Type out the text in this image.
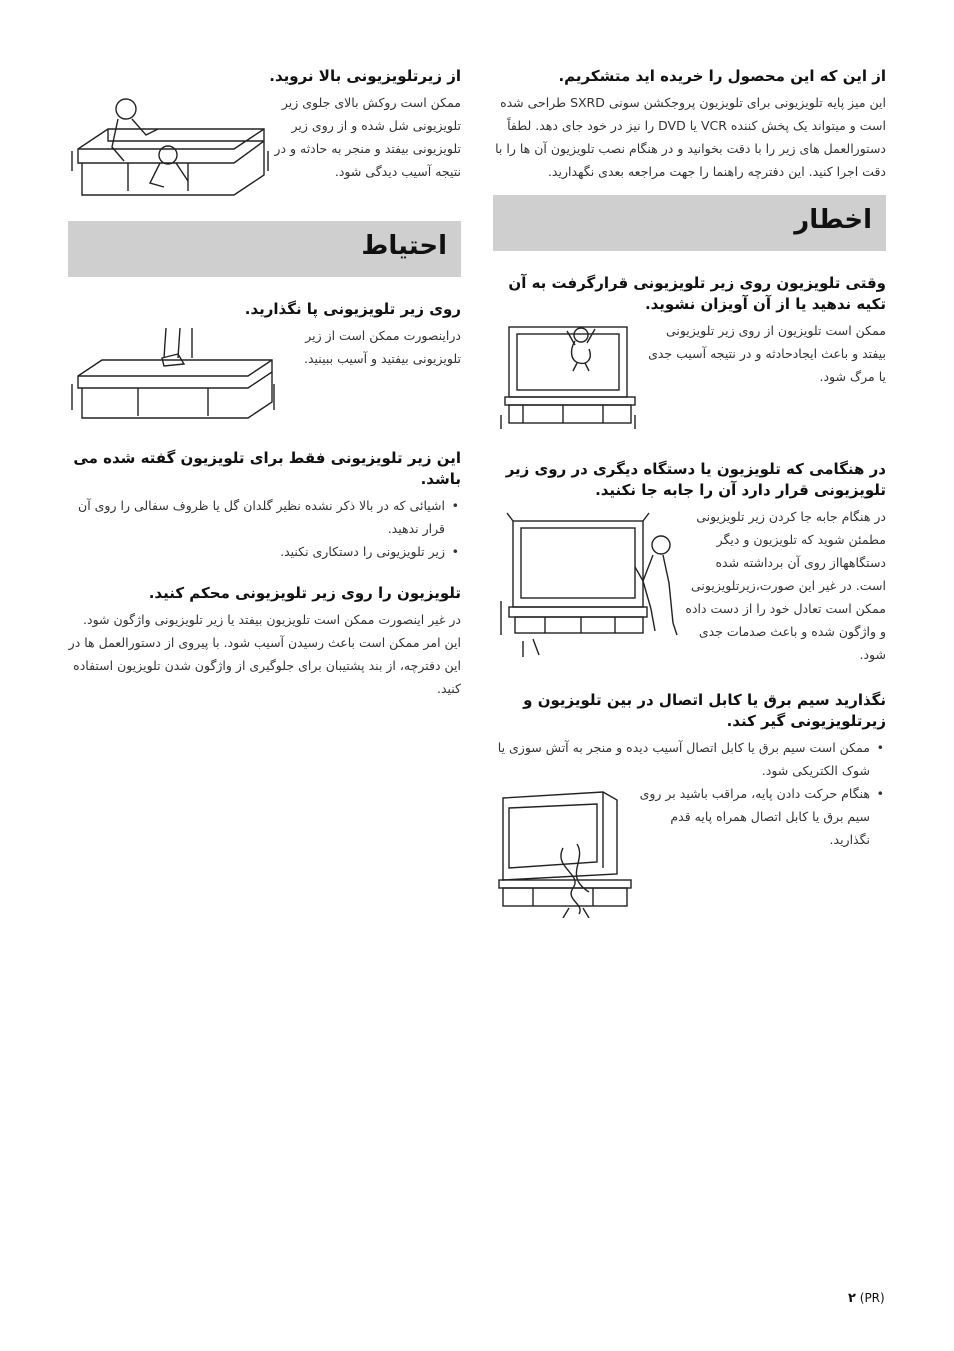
از این که این محصول را خریده اید متشکریم.

این میز پایه تلویزیونی برای تلویزیون پروجکشن سونی SXRD طراحی شده است و میتواند یک پخش کننده VCR یا DVD را نیز در خود جای دهد. لطفاً دستورالعمل های زیر را با دقت بخوانید و در هنگام نصب تلویزیون آن ها را با دقت اجرا کنید. این دفترچه راهنما را جهت مراجعه بعدی نگهدارید.

اخطار

وقتی تلویزیون روی زیر تلویزیونی قرارگرفت به آن تکیه ندهید یا از آن آویزان نشوید.

ممکن است تلویزیون از روی زیر تلویزیونی بیفتد و باعث ایجادحادثه و در نتیجه آسیب جدی یا مرگ شود.

در هنگامی که تلویزیون یا دستگاه دیگری در روی زیر تلویزیونی قرار دارد آن را جابه جا نکنید.

در هنگام جابه جا کردن زیر تلویزیونی مطمئن شوید که تلویزیون و دیگر دستگاههااز روی آن برداشته شده است. در غیر این صورت،زیرتلویزیونی ممکن است تعادل خود را از دست داده و واژگون شده و باعث صدمات جدی شود.

نگذارید سیم برق یا کابل اتصال در بین تلویزیون و زیرتلویزیونی گیر کند.

• ممکن است سیم برق یا کابل اتصال آسیب دیده و منجر به آتش سوزی یا شوک الکتریکی شود.
• هنگام حرکت دادن پایه، مراقب باشید بر روی سیم برق یا کابل اتصال همراه پایه قدم نگذارید.

از زیرتلویزیونی بالا نروید.

ممکن است روکش بالای جلوی زیر تلویزیونی شل شده و از روی زیر تلویزیونی بیفتد و منجر به حادثه و در نتیجه آسیب دیدگی شود.

احتیاط

روی زیر تلویزیونی پا نگذارید.

دراینصورت ممکن است از زیر تلویزیونی بیفتید و آسیب ببینید.

این زیر تلویزیونی فقط برای تلویزیون گفته شده می باشد.

• اشیائی که در بالا ذکر نشده نظیر گلدان گل یا ظروف سفالی را روی آن قرار ندهید.
• زیر تلویزیونی را دستکاری نکنید.

تلویزیون را روی زیر تلویزیونی محکم کنید.

در غیر اینصورت ممکن است تلویزیون بیفتد یا زیر تلویزیونی واژگون شود. این امر ممکن است باعث رسیدن آسیب شود. با پیروی از دستورالعمل ها در این دفترچه، از بند پشتیبان برای جلوگیری از واژگون شدن تلویزیون استفاده کنید.

۲ (PR)
